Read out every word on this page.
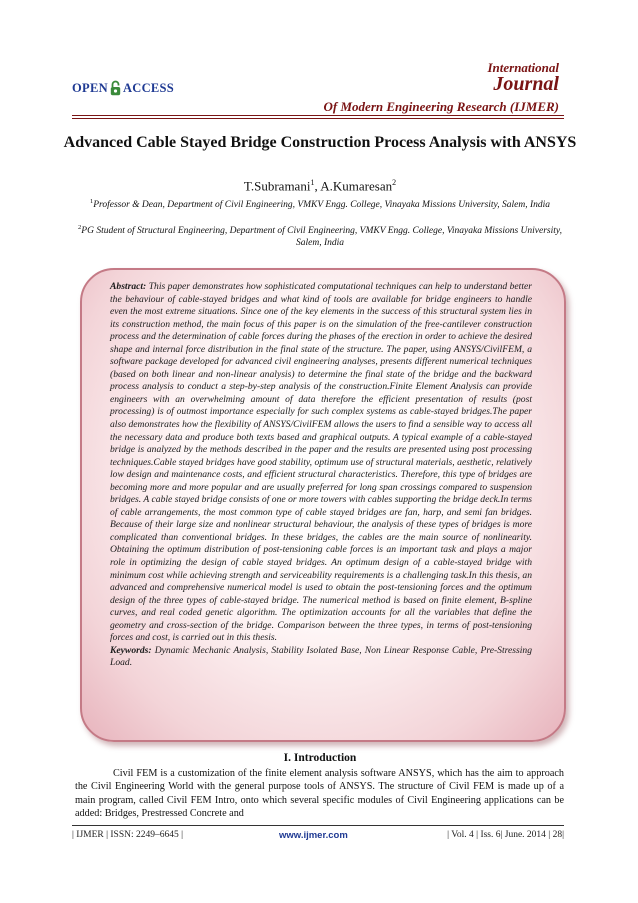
OPEN ACCESS
International
Journal
Of Modern Engineering Research (IJMER)
Advanced Cable Stayed Bridge Construction Process Analysis with ANSYS
T.Subramani$^1$, A.Kumaresan$^2$
$^1$Professor & Dean, Department of Civil Engineering, VMKV Engg. College, Vinayaka Missions University, Salem, India
$^2$PG Student of Structural Engineering, Department of Civil Engineering, VMKV Engg. College, Vinayaka Missions University, Salem, India
Abstract: This paper demonstrates how sophisticated computational techniques can help to understand better the behaviour of cable-stayed bridges and what kind of tools are available for bridge engineers to handle even the most extreme situations. Since one of the key elements in the success of this structural system lies in its construction method, the main focus of this paper is on the simulation of the free-cantilever construction process and the determination of cable forces during the phases of the erection in order to achieve the desired shape and internal force distribution in the final state of the structure. The paper, using ANSYS/CivilFEM, a software package developed for advanced civil engineering analyses, presents different numerical techniques (based on both linear and non-linear analysis) to determine the final state of the bridge and the backward process analysis to conduct a step-by-step analysis of the construction.Finite Element Analysis can provide engineers with an overwhelming amount of data therefore the efficient presentation of results (post processing) is of outmost importance especially for such complex systems as cable-stayed bridges.The paper also demonstrates how the flexibility of ANSYS/CivilFEM allows the users to find a sensible way to access all the necessary data and produce both texts based and graphical outputs. A typical example of a cable-stayed bridge is analyzed by the methods described in the paper and the results are presented using post processing techniques.Cable stayed bridges have good stability, optimum use of structural materials, aesthetic, relatively low design and maintenance costs, and efficient structural characteristics. Therefore, this type of bridges are becoming more and more popular and are usually preferred for long span crossings compared to suspension bridges. A cable stayed bridge consists of one or more towers with cables supporting the bridge deck.In terms of cable arrangements, the most common type of cable stayed bridges are fan, harp, and semi fan bridges. Because of their large size and nonlinear structural behaviour, the analysis of these types of bridges is more complicated than conventional bridges. In these bridges, the cables are the main source of nonlinearity. Obtaining the optimum distribution of post-tensioning cable forces is an important task and plays a major role in optimizing the design of cable stayed bridges. An optimum design of a cable-stayed bridge with minimum cost while achieving strength and serviceability requirements is a challenging task.In this thesis, an advanced and comprehensive numerical model is used to obtain the post-tensioning forces and the optimum design of the three types of cable-stayed bridge. The numerical method is based on finite element, B-spline curves, and real coded genetic algorithm. The optimization accounts for all the variables that define the geometry and cross-section of the bridge. Comparison between the three types, in terms of post-tensioning forces and cost, is carried out in this thesis.
Keywords: Dynamic Mechanic Analysis, Stability Isolated Base, Non Linear Response Cable, Pre-Stressing Load.
I. Introduction
Civil FEM is a customization of the finite element analysis software ANSYS, which has the aim to approach the Civil Engineering World with the general purpose tools of ANSYS. The structure of Civil FEM is made up of a main program, called Civil FEM Intro, onto which several specific modules of Civil Engineering applications can be added: Bridges, Prestressed Concrete and
| IJMER | ISSN: 2249–6645 |	www.ijmer.com	| Vol. 4 | Iss. 6| June. 2014 | 28|
